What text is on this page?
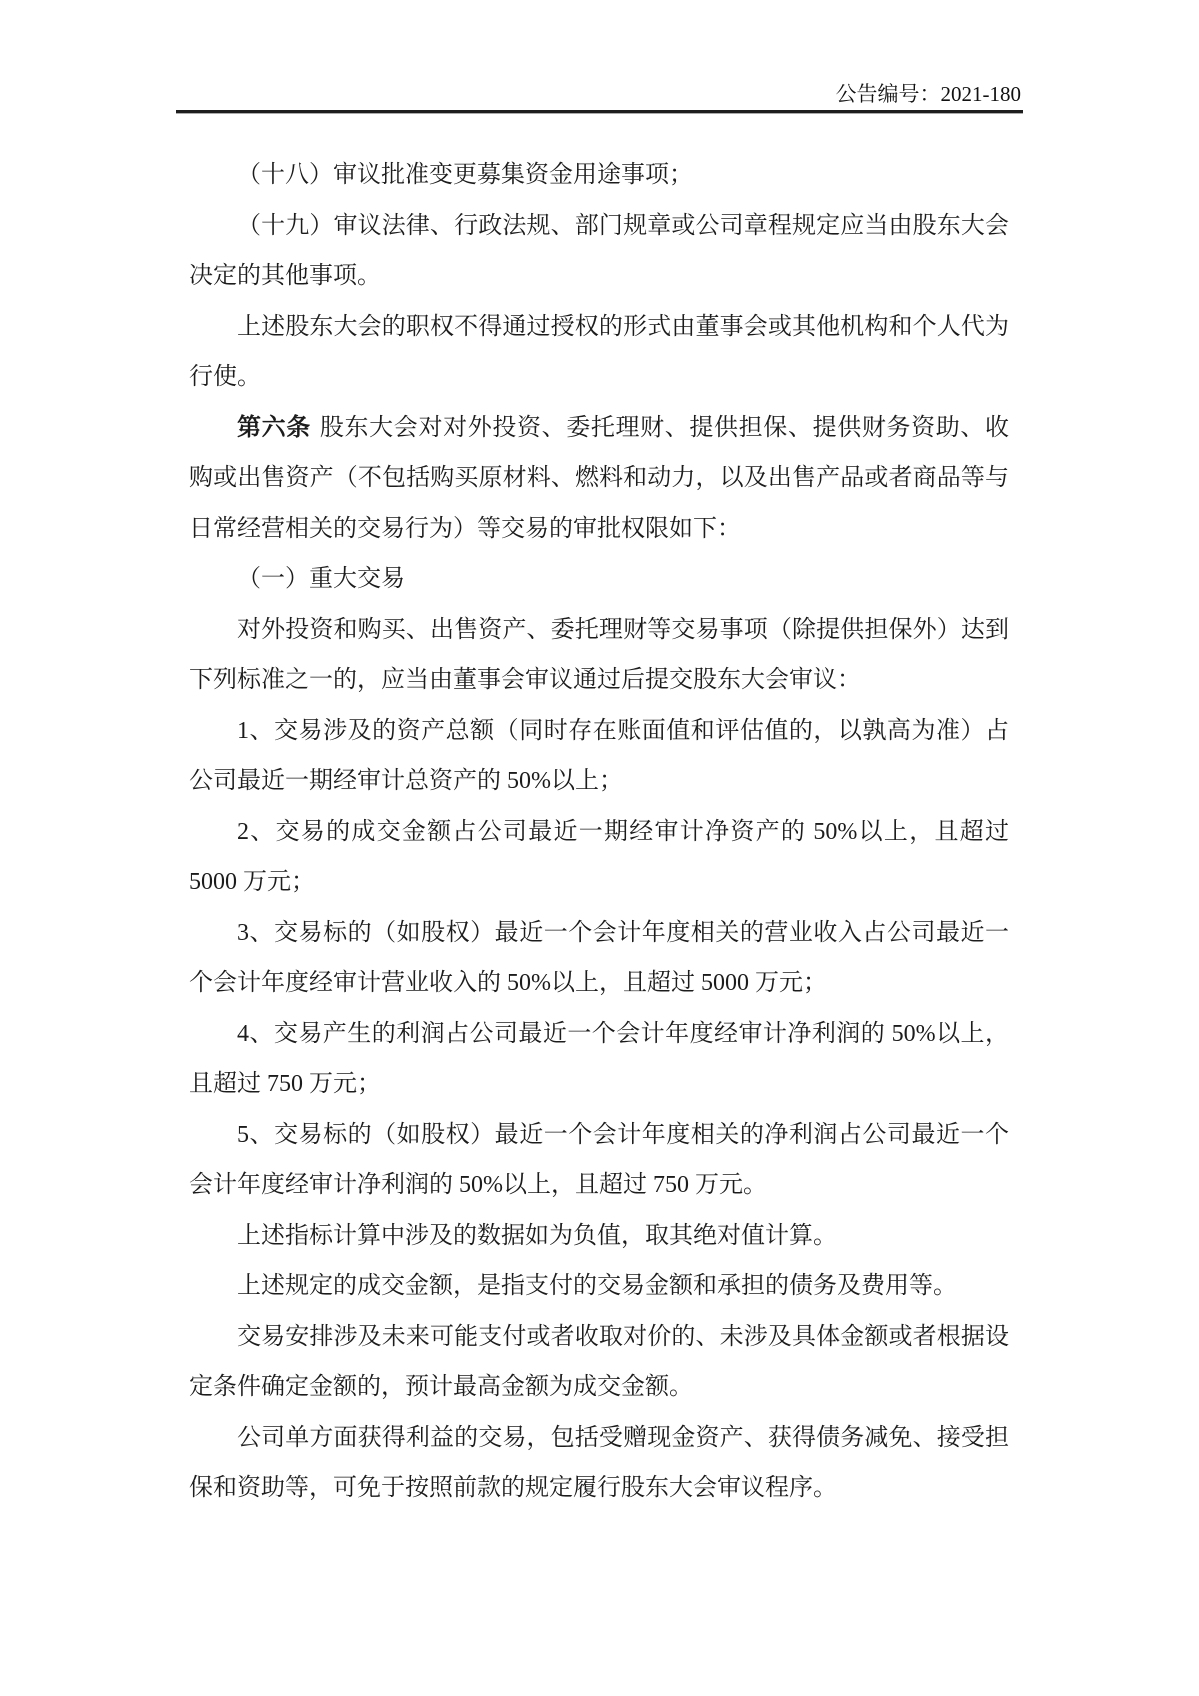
公告编号：2021-180

（十八）审议批准变更募集资金用途事项；

（十九）审议法律、行政法规、部门规章或公司章程规定应当由股东大会决定的其他事项。

上述股东大会的职权不得通过授权的形式由董事会或其他机构和个人代为行使。

第六条 股东大会对对外投资、委托理财、提供担保、提供财务资助、收购或出售资产（不包括购买原材料、燃料和动力，以及出售产品或者商品等与日常经营相关的交易行为）等交易的审批权限如下：

（一）重大交易

对外投资和购买、出售资产、委托理财等交易事项（除提供担保外）达到下列标准之一的，应当由董事会审议通过后提交股东大会审议：

1、交易涉及的资产总额（同时存在账面值和评估值的，以孰高为准）占公司最近一期经审计总资产的 50%以上；

2、交易的成交金额占公司最近一期经审计净资产的 50%以上，且超过 5000 万元；

3、交易标的（如股权）最近一个会计年度相关的营业收入占公司最近一个会计年度经审计营业收入的 50%以上，且超过 5000 万元；

4、交易产生的利润占公司最近一个会计年度经审计净利润的 50%以上，且超过 750 万元；

5、交易标的（如股权）最近一个会计年度相关的净利润占公司最近一个会计年度经审计净利润的 50%以上，且超过 750 万元。

上述指标计算中涉及的数据如为负值，取其绝对值计算。

上述规定的成交金额，是指支付的交易金额和承担的债务及费用等。

交易安排涉及未来可能支付或者收取对价的、未涉及具体金额或者根据设定条件确定金额的，预计最高金额为成交金额。

公司单方面获得利益的交易，包括受赠现金资产、获得债务减免、接受担保和资助等，可免于按照前款的规定履行股东大会审议程序。
